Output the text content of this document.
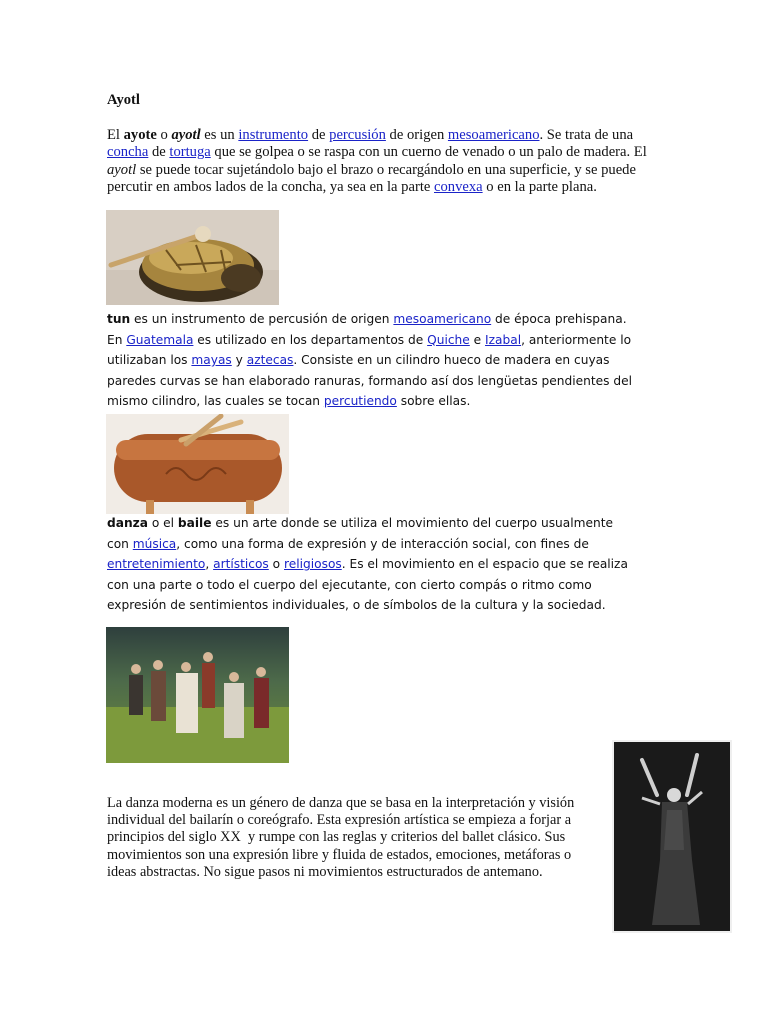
Ayotl

El ayote o ayotl es un instrumento de percusión de origen mesoamericano. Se trata de una concha de tortuga que se golpea o se raspa con un cuerno de venado o un palo de madera. El ayotl se puede tocar sujetándolo bajo el brazo o recargándolo en una superficie, y se puede percutir en ambos lados de la concha, ya sea en la parte convexa o en la parte plana.

tun es un instrumento de percusión de origen mesoamericano de época prehispana. En Guatemala es utilizado en los departamentos de Quiche e Izabal, anteriormente lo utilizaban los mayas y aztecas. Consiste en un cilindro hueco de madera en cuyas paredes curvas se han elaborado ranuras, formando así dos lengüetas pendientes del mismo cilindro, las cuales se tocan percutiendo sobre ellas.

danza o el baile es un arte donde se utiliza el movimiento del cuerpo usualmente con música, como una forma de expresión y de interacción social, con fines de entretenimiento, artísticos o religiosos. Es el movimiento en el espacio que se realiza con una parte o todo el cuerpo del ejecutante, con cierto compás o ritmo como expresión de sentimientos individuales, o de símbolos de la cultura y la sociedad.

La danza moderna es un género de danza que se basa en la interpretación y visión
individual del bailarín o coreógrafo. Esta expresión artística se empieza a forjar a
principios del siglo XX  y rumpe con las reglas y criterios del ballet clásico. Sus
movimientos son una expresión libre y fluida de estados, emociones, metáforas o
ideas abstractas. No sigue pasos ni movimientos estructurados de antemano.
